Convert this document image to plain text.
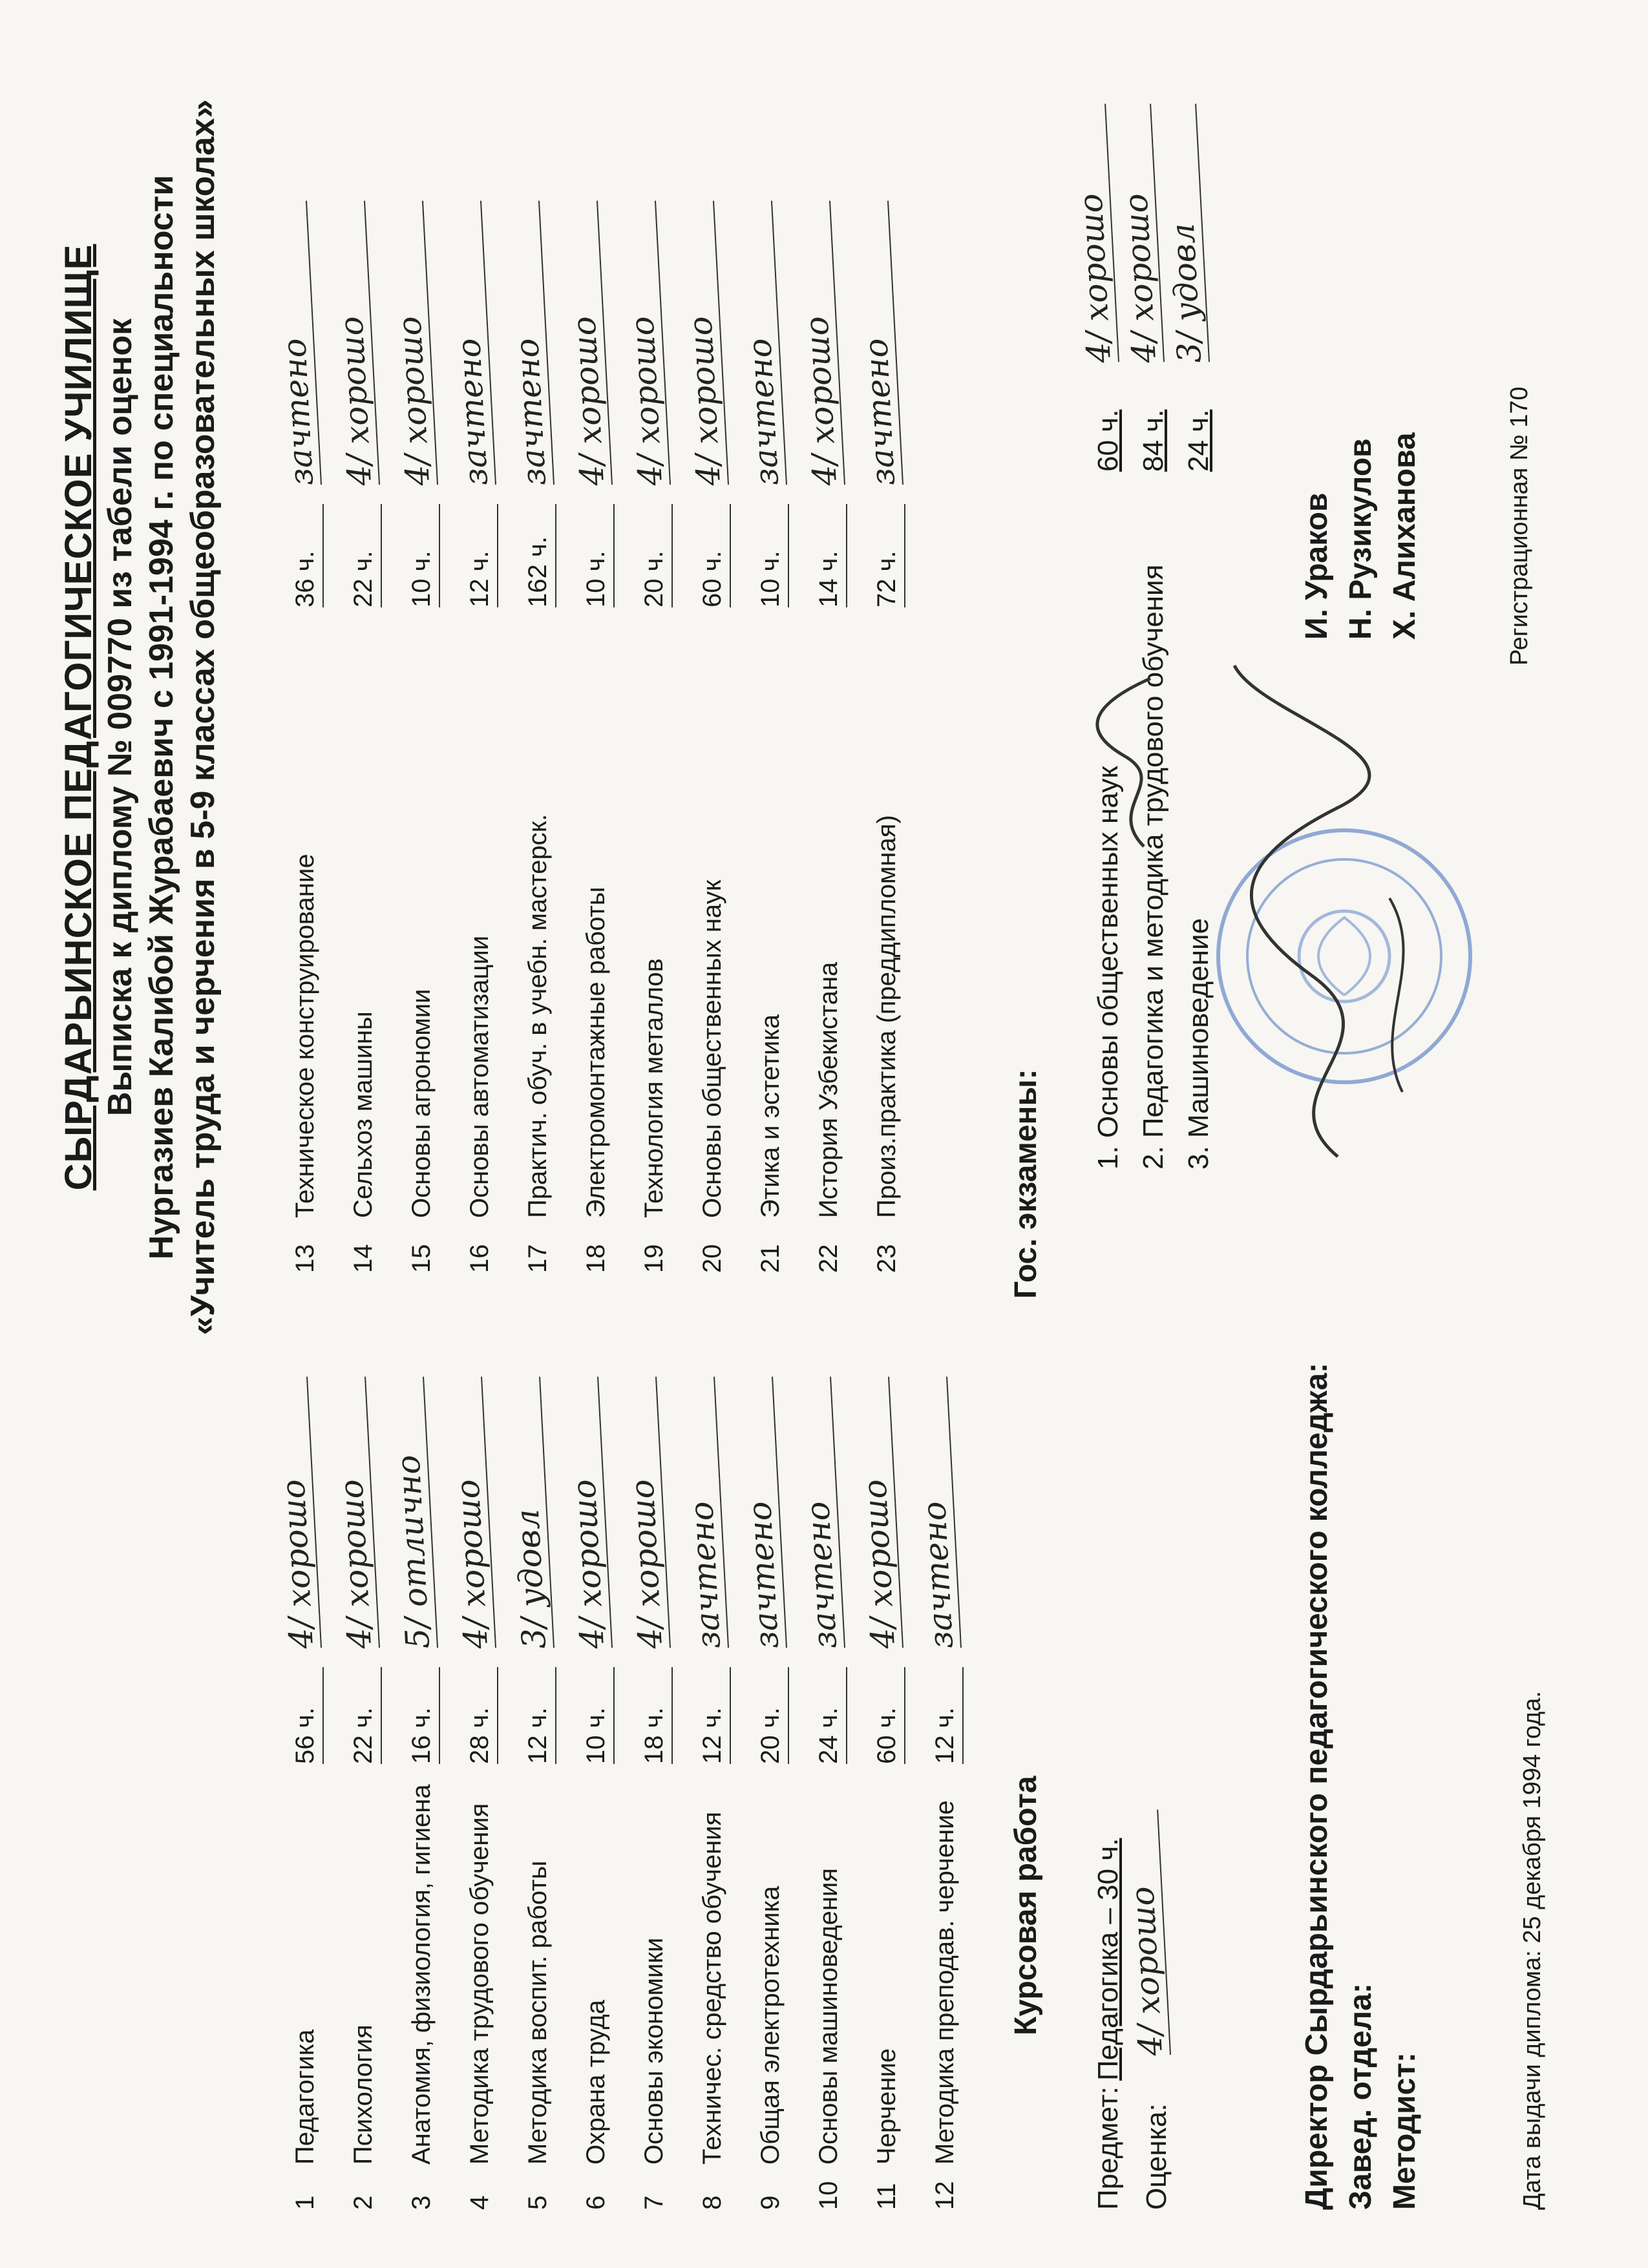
СЫРДАРЬИНСКОЕ ПЕДАГОГИЧЕСКОЕ УЧИЛИЩЕ Выписка к диплому № 009770 из табели оценок Нургазиев Калибой Журабаевич с 1991-1994 г. по специальности «Учитель труда и черчения в 5-9 классах общеобразовательных школах»
1
Педагогика
56 ч.
4/ хорошо
2
Психология
22 ч.
4/ хорошо
3
Анатомия, физиология, гигиена
16 ч.
5/ отлично
4
Методика трудового обучения
28 ч.
4/ хорошо
5
Методика воспит. работы
12 ч.
3/ удовл
6
Охрана труда
10 ч.
4/ хорошо
7
Основы экономики
18 ч.
4/ хорошо
8
Техничес. средство обучения
12 ч.
зачтено
9
Общая электротехника
20 ч.
зачтено
10
Основы машиноведения
24 ч.
зачтено
11
Черчение
60 ч.
4/ хорошо
12
Методика преподав. черчение
12 ч.
зачтено
13
Техническое конструирование
36 ч.
зачтено
14
Сельхоз машины
22 ч.
4/ хорошо
15
Основы агрономии
10 ч.
4/ хорошо
16
Основы автоматизации
12 ч.
зачтено
17
Практич. обуч. в учебн. мастерск.
162 ч.
зачтено
18
Электромонтажные работы
10 ч.
4/ хорошо
19
Технология металлов
20 ч.
4/ хорошо
20
Основы общественных наук
60 ч.
4/ хорошо
21
Этика и эстетика
10 ч.
зачтено
22
История Узбекистана
14 ч.
4/ хорошо
23
Произ.практика (преддипломная)
72 ч.
зачтено
Курсовая работа
Предмет:
Педагогика – 30 ч.
Оценка:
4/ хорошо
Гос. экзамены:
1. Основы общественных наук
60 ч.
4/ хорошо
2. Педагогика и методика трудового обучения
84 ч.
4/ хорошо
3. Машиноведение
24 ч.
3/ удовл
Директор Сырдарьинского педагогического колледжа:
И. Ураков
Завед. отдела:
Н. Рузикулов
Методист:
Х. Алиханова
Дата выдачи диплома: 25 декабря 1994 года.
Регистрационная № 170
